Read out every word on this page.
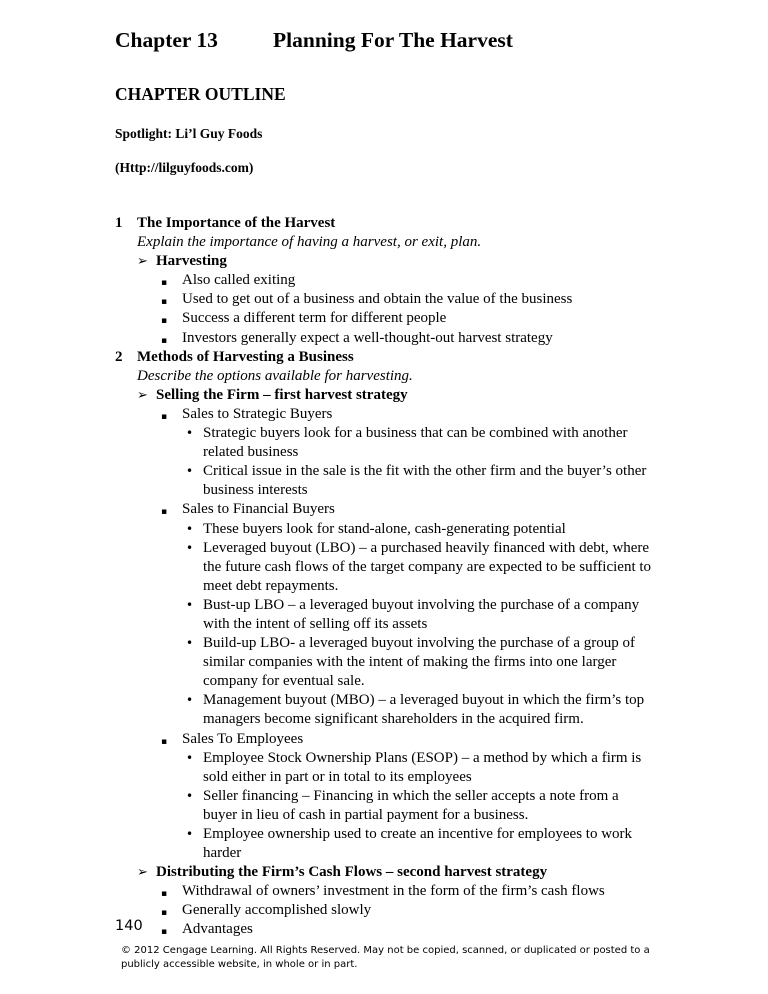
Chapter 13	Planning For The Harvest
CHAPTER OUTLINE
Spotlight: Li’l Guy Foods
(Http://lilguyfoods.com)
1 The Importance of the Harvest
Explain the importance of having a harvest, or exit, plan.
➢ Harvesting
▪ Also called exiting
▪ Used to get out of a business and obtain the value of the business
▪ Success a different term for different people
▪ Investors generally expect a well-thought-out harvest strategy
2 Methods of Harvesting a Business
Describe the options available for harvesting.
➢ Selling the Firm – first harvest strategy
▪ Sales to Strategic Buyers
• Strategic buyers look for a business that can be combined with another
related business
• Critical issue in the sale is the fit with the other firm and the buyer’s other
business interests
▪ Sales to Financial Buyers
• These buyers look for stand-alone, cash-generating potential
• Leveraged buyout (LBO) – a purchased heavily financed with debt, where
the future cash flows of the target company are expected to be sufficient to
meet debt repayments.
• Bust-up LBO – a leveraged buyout involving the purchase of a company
with the intent of selling off its assets
• Build-up LBO- a leveraged buyout involving the purchase of a group of
similar companies with the intent of making the firms into one larger
company for eventual sale.
• Management buyout (MBO) – a leveraged buyout in which the firm’s top
managers become significant shareholders in the acquired firm.
▪ Sales To Employees
• Employee Stock Ownership Plans (ESOP) – a method by which a firm is
sold either in part or in total to its employees
• Seller financing – Financing in which the seller accepts a note from a
buyer in lieu of cash in partial payment for a business.
• Employee ownership used to create an incentive for employees to work
harder
➢ Distributing the Firm’s Cash Flows – second harvest strategy
▪ Withdrawal of owners’ investment in the form of the firm’s cash flows
▪ Generally accomplished slowly
▪ Advantages
140
© 2012 Cengage Learning. All Rights Reserved. May not be copied, scanned, or duplicated or posted to a publicly accessible website, in whole or in part.
